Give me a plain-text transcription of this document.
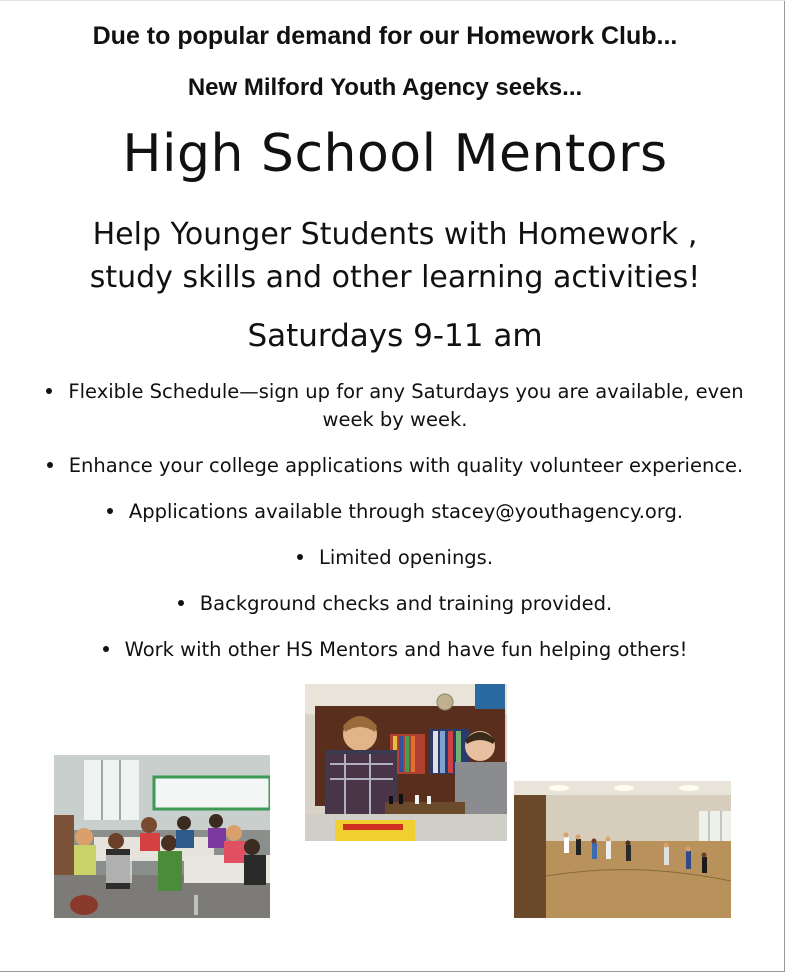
Due to popular demand for our Homework Club...
New Milford Youth Agency seeks...
High School Mentors
Help Younger Students with Homework ,
study skills and other learning activities!
Saturdays 9-11 am
Flexible Schedule—sign up for any Saturdays you are available, even week by week.
Enhance your college applications with quality volunteer experience.
Applications available through stacey@youthagency.org.
Limited openings.
Background checks and training provided.
Work with other HS Mentors and have fun helping others!
